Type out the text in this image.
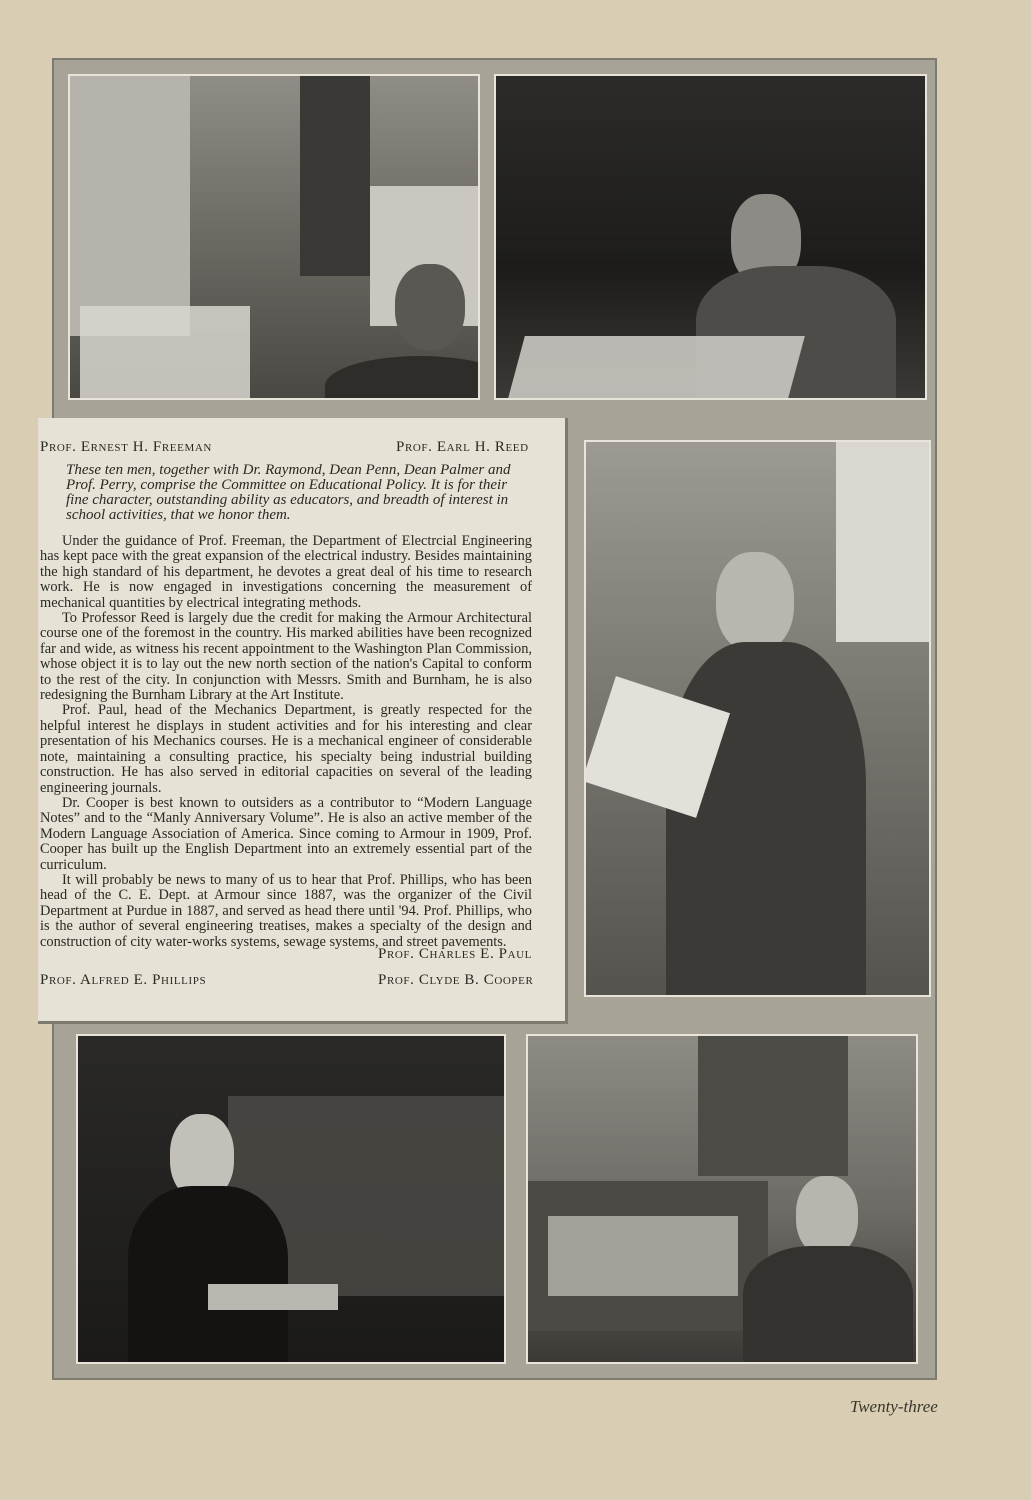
Prof. Ernest H. Freeman	Prof. Earl H. Reed
These ten men, together with Dr. Raymond, Dean Penn, Dean Palmer and Prof. Perry, comprise the Committee on Educational Policy. It is for their fine character, outstanding ability as educators, and breadth of interest in school activities, that we honor them.

Under the guidance of Prof. Freeman, the Department of Electrcial Engineering has kept pace with the great expansion of the electrical industry. Besides maintaining the high standard of his department, he devotes a great deal of his time to research work. He is now engaged in investigations concerning the measurement of mechanical quantities by electrical integrating methods.

To Professor Reed is largely due the credit for making the Armour Architectural course one of the foremost in the country. His marked abilities have been recognized far and wide, as witness his recent appointment to the Washington Plan Commission, whose object it is to lay out the new north section of the nation's Capital to conform to the rest of the city. In conjunction with Messrs. Smith and Burnham, he is also redesigning the Burnham Library at the Art Institute.

Prof. Paul, head of the Mechanics Department, is greatly respected for the helpful interest he displays in student activities and for his interesting and clear presentation of his Mechanics courses. He is a mechanical engineer of considerable note, maintaining a consulting practice, his specialty being industrial building construction. He has also served in editorial capacities on several of the leading engineering journals.

Dr. Cooper is best known to outsiders as a contributor to “Modern Language Notes” and to the “Manly Anniversary Volume”. He is also an active member of the Modern Language Association of America. Since coming to Armour in 1909, Prof. Cooper has built up the English Department into an extremely essential part of the curriculum.

It will probably be news to many of us to hear that Prof. Phillips, who has been head of the C. E. Dept. at Armour since 1887, was the organizer of the Civil Department at Purdue in 1887, and served as head there until '94. Prof. Phillips, who is the author of several engineering treatises, makes a specialty of the design and construction of city water-works systems, sewage systems, and street pavements.

Prof. Charles E. Paul
Prof. Alfred E. Phillips	Prof. Clyde B. Cooper
Twenty-three
